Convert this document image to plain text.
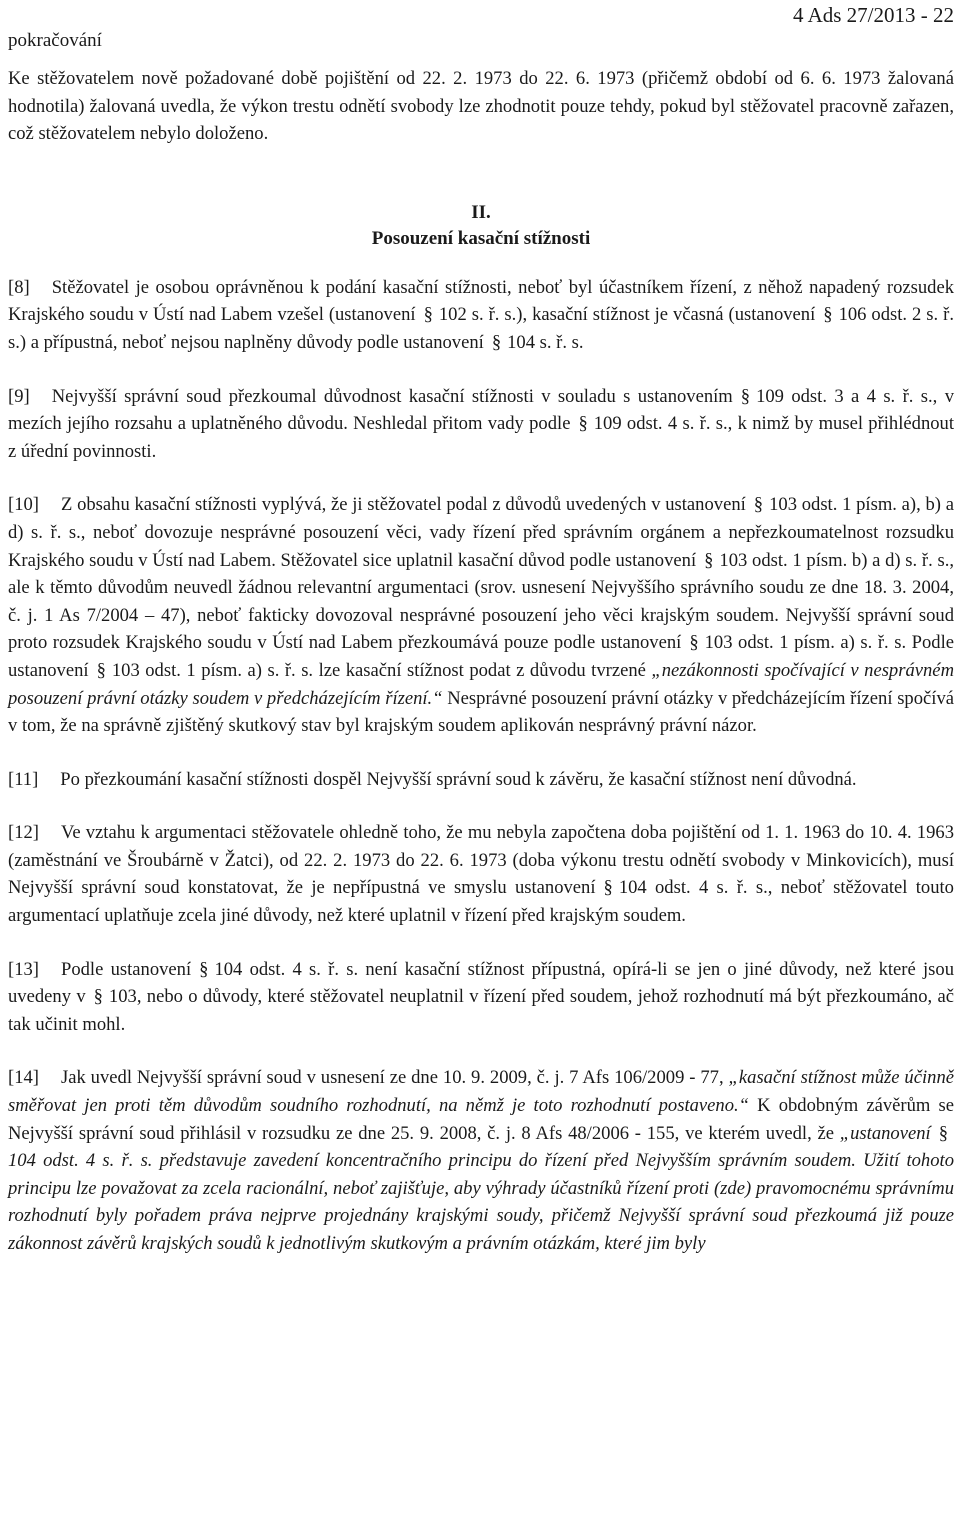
pokračování
4 Ads 27/2013 - 22

Ke stěžovatelem nově požadované době pojištění od 22. 2. 1973 do 22. 6. 1973 (přičemž období od 6. 6. 1973 žalovaná hodnotila) žalovaná uvedla, že výkon trestu odnětí svobody lze zhodnotit pouze tehdy, pokud byl stěžovatel pracovně zařazen, což stěžovatelem nebylo doloženo.

II.
Posouzení kasační stížnosti

[8] Stěžovatel je osobou oprávněnou k podání kasační stížnosti, neboť byl účastníkem řízení, z něhož napadený rozsudek Krajského soudu v Ústí nad Labem vzešel (ustanovení § 102 s. ř. s.), kasační stížnost je včasná (ustanovení § 106 odst. 2 s. ř. s.) a přípustná, neboť nejsou naplněny důvody podle ustanovení § 104 s. ř. s.

[9] Nejvyšší správní soud přezkoumal důvodnost kasační stížnosti v souladu s ustanovením § 109 odst. 3 a 4 s. ř. s., v mezích jejího rozsahu a uplatněného důvodu. Neshledal přitom vady podle § 109 odst. 4 s. ř. s., k nimž by musel přihlédnout z úřední povinnosti.

[10] Z obsahu kasační stížnosti vyplývá, že ji stěžovatel podal z důvodů uvedených v ustanovení § 103 odst. 1 písm. a), b) a d) s. ř. s., neboť dovozuje nesprávné posouzení věci, vady řízení před správním orgánem a nepřezkoumatelnost rozsudku Krajského soudu v Ústí nad Labem. Stěžovatel sice uplatnil kasační důvod podle ustanovení § 103 odst. 1 písm. b) a d) s. ř. s., ale k těmto důvodům neuvedl žádnou relevantní argumentaci (srov. usnesení Nejvyššího správního soudu ze dne 18. 3. 2004, č. j. 1 As 7/2004 – 47), neboť fakticky dovozoval nesprávné posouzení jeho věci krajským soudem. Nejvyšší správní soud proto rozsudek Krajského soudu v Ústí nad Labem přezkoumává pouze podle ustanovení § 103 odst. 1 písm. a) s. ř. s. Podle ustanovení § 103 odst. 1 písm. a) s. ř. s. lze kasační stížnost podat z důvodu tvrzené „nezákonnosti spočívající v nesprávném posouzení právní otázky soudem v předcházejícím řízení.“ Nesprávné posouzení právní otázky v předcházejícím řízení spočívá v tom, že na správně zjištěný skutkový stav byl krajským soudem aplikován nesprávný právní názor.

[11] Po přezkoumání kasační stížnosti dospěl Nejvyšší správní soud k závěru, že kasační stížnost není důvodná.

[12] Ve vztahu k argumentaci stěžovatele ohledně toho, že mu nebyla započtena doba pojištění od 1. 1. 1963 do 10. 4. 1963 (zaměstnání ve Šroubárně v Žatci), od 22. 2. 1973 do 22. 6. 1973 (doba výkonu trestu odnětí svobody v Minkovicích), musí Nejvyšší správní soud konstatovat, že je nepřípustná ve smyslu ustanovení § 104 odst. 4 s. ř. s., neboť stěžovatel touto argumentací uplatňuje zcela jiné důvody, než které uplatnil v řízení před krajským soudem.

[13] Podle ustanovení § 104 odst. 4 s. ř. s. není kasační stížnost přípustná, opírá-li se jen o jiné důvody, než které jsou uvedeny v § 103, nebo o důvody, které stěžovatel neuplatnil v řízení před soudem, jehož rozhodnutí má být přezkoumáno, ač tak učinit mohl.

[14] Jak uvedl Nejvyšší správní soud v usnesení ze dne 10. 9. 2009, č. j. 7 Afs 106/2009 - 77, „kasační stížnost může účinně směřovat jen proti těm důvodům soudního rozhodnutí, na němž je toto rozhodnutí postaveno.“ K obdobným závěrům se Nejvyšší správní soud přihlásil v rozsudku ze dne 25. 9. 2008, č. j. 8 Afs 48/2006 - 155, ve kterém uvedl, že „ustanovení §104 odst. 4 s. ř. s. představuje zavedení koncentračního principu do řízení před Nejvyšším správním soudem. Užití tohoto principu lze považovat za zcela racionální, neboť zajišťuje, aby výhrady účastníků řízení proti (zde) pravomocnému správnímu rozhodnutí byly pořadem práva nejprve projednány krajskými soudy, přičemž Nejvyšší správní soud přezkoumá již pouze zákonnost závěrů krajských soudů k jednotlivým skutkovým a právním otázkám, které jim byly
